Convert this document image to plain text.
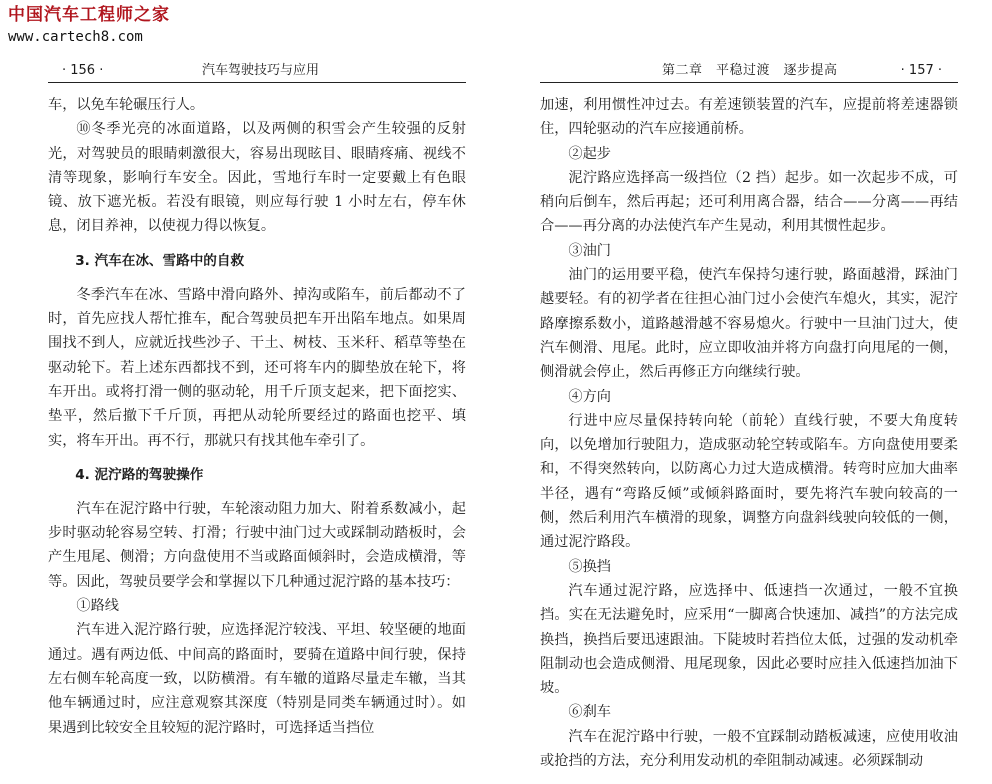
中国汽车工程师之家
www.cartech8.com
· 156 ·	汽车驾驶技巧与应用

车，以免车轮碾压行人。

⑩冬季光亮的冰面道路，以及两侧的积雪会产生较强的反射光，对驾驶员的眼睛刺激很大，容易出现眩目、眼睛疼痛、视线不清等现象，影响行车安全。因此，雪地行车时一定要戴上有色眼镜、放下遮光板。若没有眼镜，则应每行驶 1 小时左右，停车休息，闭目养神，以使视力得以恢复。

3. 汽车在冰、雪路中的自救

冬季汽车在冰、雪路中滑向路外、掉沟或陷车，前后都动不了时，首先应找人帮忙推车，配合驾驶员把车开出陷车地点。如果周围找不到人，应就近找些沙子、干土、树枝、玉米秆、稻草等垫在驱动轮下。若上述东西都找不到，还可将车内的脚垫放在轮下，将车开出。或将打滑一侧的驱动轮，用千斤顶支起来，把下面挖实、垫平，然后撤下千斤顶，再把从动轮所要经过的路面也挖平、填实，将车开出。再不行，那就只有找其他车牵引了。

4. 泥泞路的驾驶操作

汽车在泥泞路中行驶，车轮滚动阻力加大、附着系数减小，起步时驱动轮容易空转、打滑；行驶中油门过大或踩制动踏板时，会产生甩尾、侧滑；方向盘使用不当或路面倾斜时，会造成横滑，等等。因此，驾驶员要学会和掌握以下几种通过泥泞路的基本技巧：

①路线

汽车进入泥泞路行驶，应选择泥泞较浅、平坦、较坚硬的地面通过。遇有两边低、中间高的路面时，要骑在道路中间行驶，保持左右侧车轮高度一致，以防横滑。有车辙的道路尽量走车辙，当其他车辆通过时，应注意观察其深度（特别是同类车辆通过时）。如果遇到比较安全且较短的泥泞路时，可选择适当挡位

第二章　平稳过渡　逐步提高	· 157 ·

加速，利用惯性冲过去。有差速锁装置的汽车，应提前将差速器锁住，四轮驱动的汽车应接通前桥。

②起步

泥泞路应选择高一级挡位（2 挡）起步。如一次起步不成，可稍向后倒车，然后再起；还可利用离合器，结合——分离——再结合——再分离的办法使汽车产生晃动，利用其惯性起步。

③油门

油门的运用要平稳，使汽车保持匀速行驶，路面越滑，踩油门越要轻。有的初学者在往担心油门过小会使汽车熄火，其实，泥泞路摩擦系数小，道路越滑越不容易熄火。行驶中一旦油门过大，使汽车侧滑、甩尾。此时，应立即收油并将方向盘打向甩尾的一侧，侧滑就会停止，然后再修正方向继续行驶。

④方向

行进中应尽量保持转向轮（前轮）直线行驶，不要大角度转向，以免增加行驶阻力，造成驱动轮空转或陷车。方向盘使用要柔和，不得突然转向，以防离心力过大造成横滑。转弯时应加大曲率半径，遇有“弯路反倾”或倾斜路面时，要先将汽车驶向较高的一侧，然后利用汽车横滑的现象，调整方向盘斜线驶向较低的一侧，通过泥泞路段。

⑤换挡

汽车通过泥泞路，应选择中、低速挡一次通过，一般不宜换挡。实在无法避免时，应采用“一脚离合快速加、减挡”的方法完成换挡，换挡后要迅速跟油。下陡坡时若挡位太低，过强的发动机牵阻制动也会造成侧滑、甩尾现象，因此必要时应挂入低速挡加油下坡。

⑥刹车

汽车在泥泞路中行驶，一般不宜踩制动踏板减速，应使用收油或抢挡的方法，充分利用发动机的牵阻制动减速。必须踩制动
